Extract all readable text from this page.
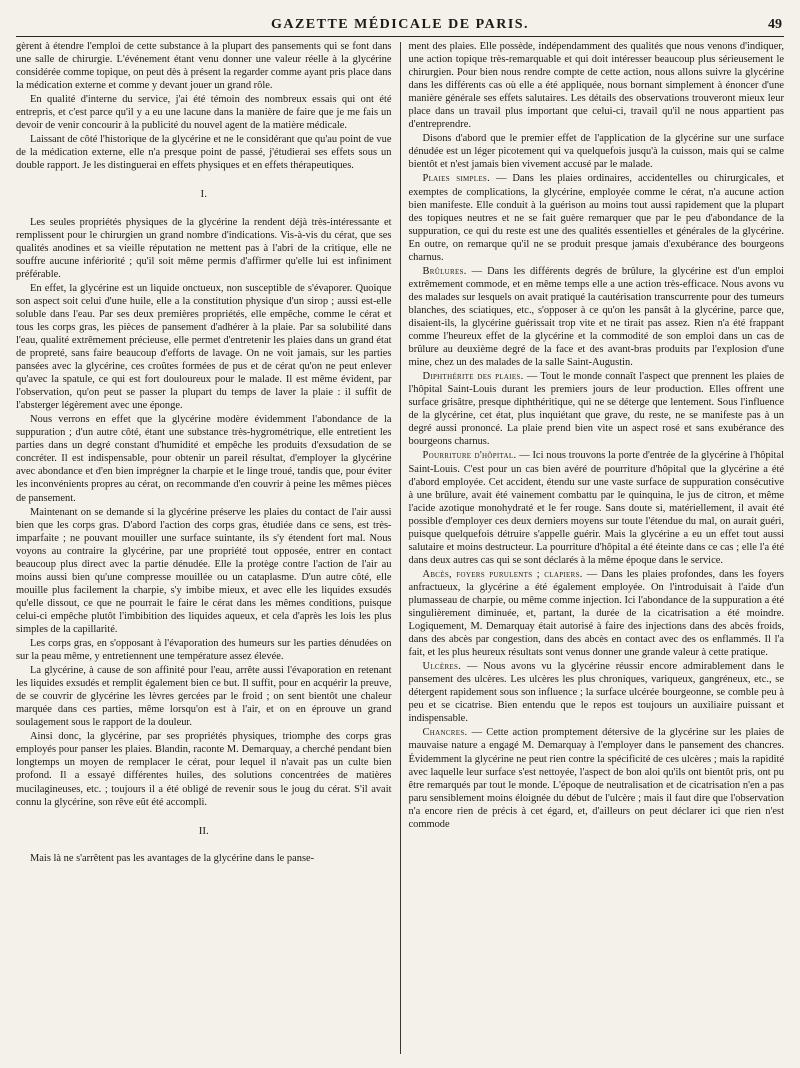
GAZETTE MÉDICALE DE PARIS.	49

gèrent à étendre l'emploi de cette substance à la plupart des pansements qui se font dans une salle de chirurgie. L'événement étant venu donner une valeur réelle à la glycérine considérée comme topique, on peut dès à présent la regarder comme ayant pris place dans la médication externe et comme y devant jouer un grand rôle.

En qualité d'interne du service, j'ai été témoin des nombreux essais qui ont été entrepris, et c'est parce qu'il y a eu une lacune dans la manière de faire que je me fais un devoir de venir concourir à la publicité du nouvel agent de la matière médicale.

Laissant de côté l'historique de la glycérine et ne le considérant que qu'au point de vue de la médication externe, elle n'a presque point de passé, j'étudierai ses effets sous un double rapport. Je les distinguerai en effets physiques et en effets thérapeutiques.

I.

Les seules propriétés physiques de la glycérine la rendent déjà très-intéressante et remplissent pour le chirurgien un grand nombre d'indications. Vis-à-vis du cérat, que ses qualités anodines et sa vieille réputation ne mettent pas à l'abri de la critique, elle ne souffre aucune infériorité ; qu'il soit même permis d'affirmer qu'elle lui est infiniment préférable.

En effet, la glycérine est un liquide onctueux, non susceptible de s'évaporer. Quoique son aspect soit celui d'une huile, elle a la constitution physique d'un sirop ; aussi est-elle soluble dans l'eau. Par ses deux premières propriétés, elle empêche, comme le cérat et tous les corps gras, les pièces de pansement d'adhérer à la plaie. Par sa solubilité dans l'eau, qualité extrêmement précieuse, elle permet d'entretenir les plaies dans un grand état de propreté, sans faire beaucoup d'efforts de lavage. On ne voit jamais, sur les parties pansées avec la glycérine, ces croûtes formées de pus et de cérat qu'on ne peut enlever qu'avec la spatule, ce qui est fort douloureux pour le malade. Il est même évident, par l'observation, qu'on peut se passer la plupart du temps de laver la plaie : il suffit de l'absterger légèrement avec une éponge.

Nous verrons en effet que la glycérine modère évidemment l'abondance de la suppuration ; d'un autre côté, étant une substance très-hygrométrique, elle entretient les parties dans un degré constant d'humidité et empêche les produits d'exsudation de se concréter. Il est indispensable, pour obtenir un pareil résultat, d'employer la glycérine avec abondance et d'en bien imprégner la charpie et le linge troué, tandis que, pour éviter les inconvénients propres au cérat, on recommande d'en couvrir à peine les mêmes pièces de pansement.

Maintenant on se demande si la glycérine préserve les plaies du contact de l'air aussi bien que les corps gras. D'abord l'action des corps gras, étudiée dans ce sens, est très-imparfaite ; ne pouvant mouiller une surface suintante, ils s'y étendent fort mal. Nous voyons au contraire la glycérine, par une propriété tout opposée, entrer en contact beaucoup plus direct avec la partie dénudée. Elle la protège contre l'action de l'air au moins aussi bien qu'une compresse mouillée ou un cataplasme. D'un autre côté, elle mouille plus facilement la charpie, s'y imbibe mieux, et avec elle les liquides exsudés qu'elle dissout, ce que ne pourrait le faire le cérat dans les mêmes conditions, puisque celui-ci empêche plutôt l'imbibition des liquides aqueux, et cela d'après les lois les plus simples de la capillarité.

Les corps gras, en s'opposant à l'évaporation des humeurs sur les parties dénudées on sur la peau même, y entretiennent une température assez élevée.

La glycérine, à cause de son affinité pour l'eau, arrête aussi l'évaporation en retenant les liquides exsudés et remplit également bien ce but. Il suffit, pour en acquérir la preuve, de se couvrir de glycérine les lèvres gercées par le froid ; on sent bientôt une chaleur marquée dans ces parties, même lorsqu'on est à l'air, et on en éprouve un grand soulagement sous le rapport de la douleur.

Ainsi donc, la glycérine, par ses propriétés physiques, triomphe des corps gras employés pour panser les plaies. Blandin, raconte M. Demarquay, a cherché pendant bien longtemps un moyen de remplacer le cérat, pour lequel il n'avait pas un culte bien profond. Il a essayé différentes huiles, des solutions concentrées de matières mucilagineuses, etc. ; toujours il a été obligé de revenir sous le joug du cérat. S'il avait connu la glycérine, son rêve eût été accompli.

II.

Mais là ne s'arrêtent pas les avantages de la glycérine dans le panse-

ment des plaies. Elle possède, indépendamment des qualités que nous venons d'indiquer, une action topique très-remarquable et qui doit intéresser beaucoup plus sérieusement le chirurgien. Pour bien nous rendre compte de cette action, nous allons suivre la glycérine dans les différents cas où elle a été appliquée, nous bornant simplement à énoncer d'une manière générale ses effets salutaires. Les détails des observations trouveront mieux leur place dans un travail plus important que celui-ci, travail qu'il ne nous appartient pas d'entreprendre.

Disons d'abord que le premier effet de l'application de la glycérine sur une surface dénudée est un léger picotement qui va quelquefois jusqu'à la cuisson, mais qui se calme bientôt et n'est jamais bien vivement accusé par le malade.

Plaies simples. — Dans les plaies ordinaires, accidentelles ou chirurgicales, et exemptes de complications, la glycérine, employée comme le cérat, n'a aucune action bien manifeste. Elle conduit à la guérison au moins tout aussi rapidement que la plupart des topiques neutres et ne se fait guère remarquer que par le peu d'abondance de la suppuration, ce qui du reste est une des qualités essentielles et générales de la glycérine. En outre, on remarque qu'il ne se produit presque jamais d'exubérance des bourgeons charnus.

Brûlures. — Dans les différents degrés de brûlure, la glycérine est d'un emploi extrêmement commode, et en même temps elle a une action très-efficace. Nous avons vu des malades sur lesquels on avait pratiqué la cautérisation transcurrente pour des tumeurs blanches, des sciatiques, etc., s'opposer à ce qu'on les pansât à la glycérine, parce que, disaient-ils, la glycérine guérissait trop vite et ne tirait pas assez. Rien n'a été frappant comme l'heureux effet de la glycérine et la commodité de son emploi dans un cas de brûlure au deuxième degré de la face et des avant-bras produits par l'explosion d'une mine, chez un des malades de la salle Saint-Augustin.

Diphthérite des plaies. — Tout le monde connaît l'aspect que prennent les plaies de l'hôpital Saint-Louis durant les premiers jours de leur production. Elles offrent une surface grisâtre, presque diphthéritique, qui ne se déterge que lentement. Sous l'influence de la glycérine, cet état, plus inquiétant que grave, du reste, ne se manifeste pas à un degré aussi prononcé. La plaie prend bien vite un aspect rosé et sans exubérance des bourgeons charnus.

Pourriture d'hôpital. — Ici nous trouvons la porte d'entrée de la glycérine à l'hôpital Saint-Louis. C'est pour un cas bien avéré de pourriture d'hôpital que la glycérine a été d'abord employée. Cet accident, étendu sur une vaste surface de suppuration consécutive à une brûlure, avait été vainement combattu par le quinquina, le jus de citron, et même l'acide azotique monohydraté et le fer rouge. Sans doute si, matériellement, il avait été possible d'employer ces deux derniers moyens sur toute l'étendue du mal, on aurait guéri, puisque quelquefois détruire s'appelle guérir. Mais la glycérine a eu un effet tout aussi salutaire et moins destructeur. La pourriture d'hôpital a été éteinte dans ce cas ; elle l'a été dans deux autres cas qui se sont déclarés à la même époque dans le service.

Abcès, foyers purulents ; clapiers. — Dans les plaies profondes, dans les foyers anfractueux, la glycérine a été également employée. On l'introduisait à l'aide d'un plumasseau de charpie, ou même comme injection. Ici l'abondance de la suppuration a été singulièrement diminuée, et, partant, la durée de la cicatrisation a été moindre. Logiquement, M. Demarquay était autorisé à faire des injections dans des abcès froids, dans des abcès par congestion, dans des abcès en contact avec des os enflammés. Il l'a fait, et les plus heureux résultats sont venus donner une grande valeur à cette pratique.

Ulcères. — Nous avons vu la glycérine réussir encore admirablement dans le pansement des ulcères. Les ulcères les plus chroniques, variqueux, gangréneux, etc., se détergent rapidement sous son influence ; la surface ulcérée bourgeonne, se comble peu à peu et se cicatrise. Bien entendu que le repos est toujours un auxiliaire puissant et indispensable.

Chancres. — Cette action promptement détersive de la glycérine sur les plaies de mauvaise nature a engagé M. Demarquay à l'employer dans le pansement des chancres. Évidemment la glycérine ne peut rien contre la spécificité de ces ulcères ; mais la rapidité avec laquelle leur surface s'est nettoyée, l'aspect de bon aloi qu'ils ont bientôt pris, ont pu être remarqués par tout le monde. L'époque de neutralisation et de cicatrisation n'en a pas paru sensiblement moins éloignée du début de l'ulcère ; mais il faut dire que l'observation n'a encore rien de précis à cet égard, et, d'ailleurs on peut déclarer ici que rien n'est commode
